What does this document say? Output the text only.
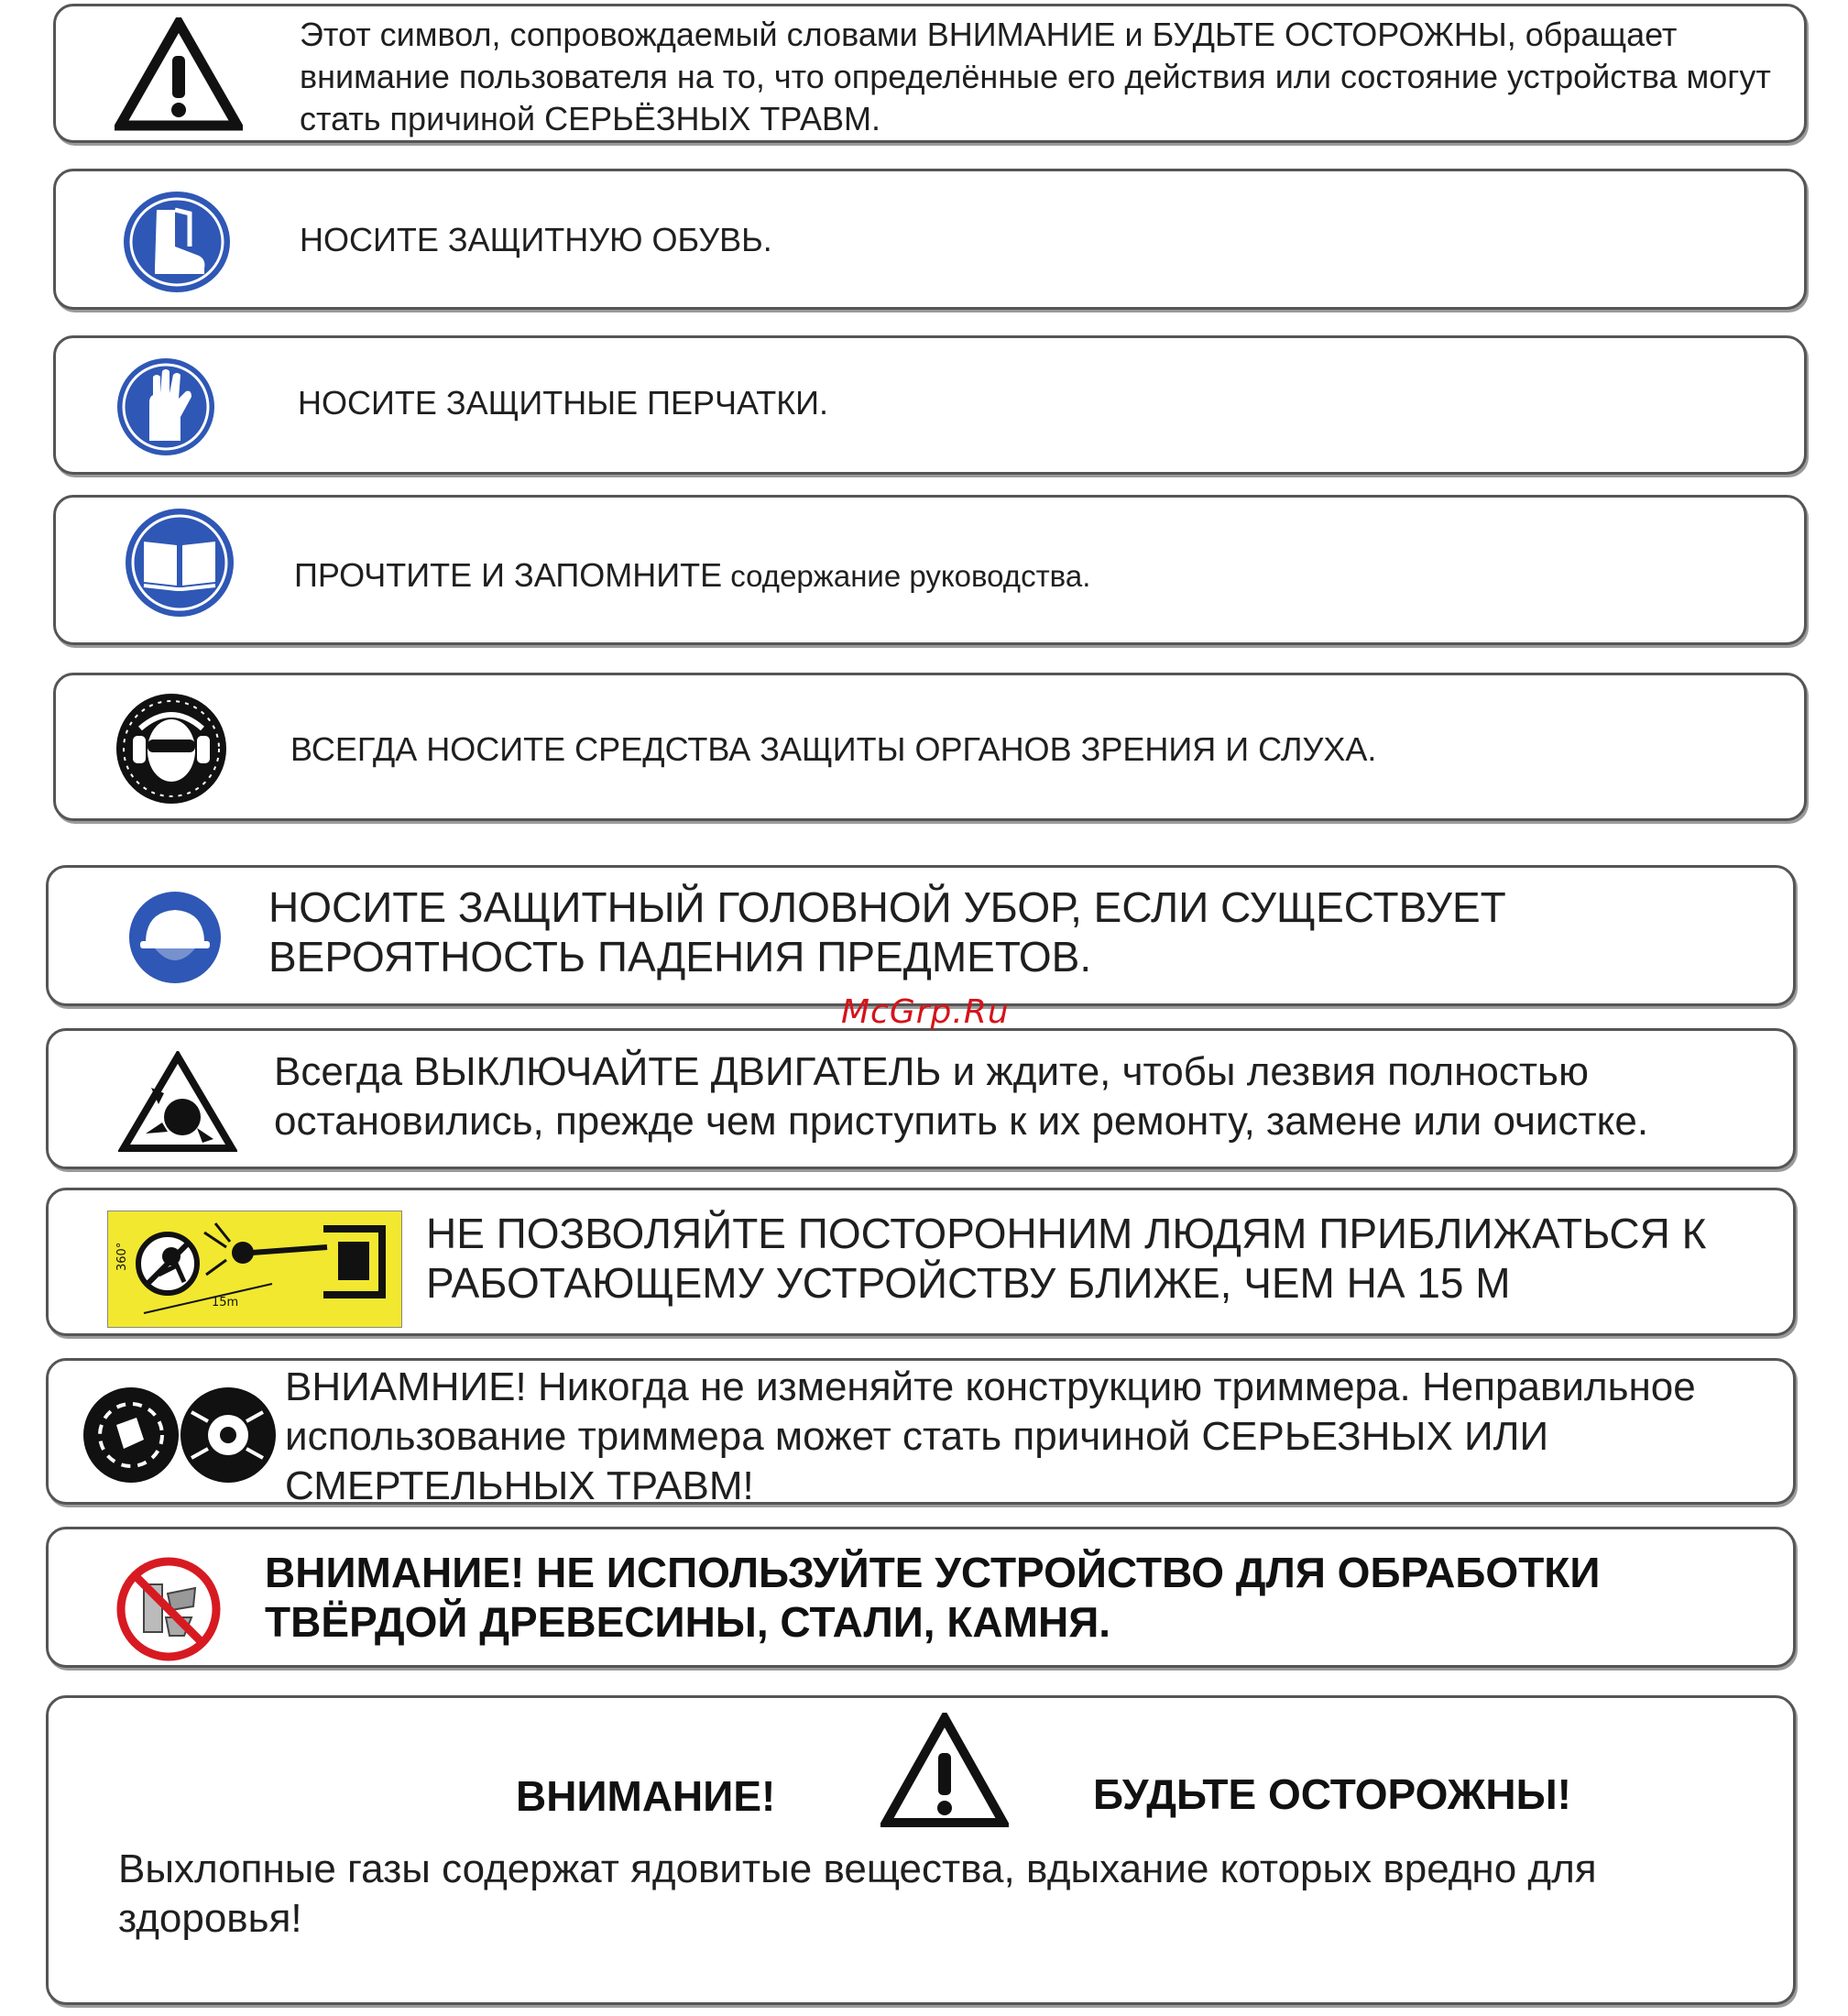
Этот символ, сопровождаемый словами ВНИМАНИЕ и БУДЬТЕ ОСТОРОЖНЫ, обращает внимание пользователя на то, что определённые его действия или состояние устройства могут стать причиной СЕРЬЁЗНЫХ ТРАВМ.
НОСИТЕ ЗАЩИТНУЮ ОБУВЬ.
НОСИТЕ ЗАЩИТНЫЕ ПЕРЧАТКИ.
ПРОЧТИТЕ И ЗАПОМНИТЕ содержание руководства.
ВСЕГДА НОСИТЕ СРЕДСТВА ЗАЩИТЫ ОРГАНОВ ЗРЕНИЯ И СЛУХА.
НОСИТЕ ЗАЩИТНЫЙ ГОЛОВНОЙ УБОР, ЕСЛИ СУЩЕСТВУЕТ
ВЕРОЯТНОСТЬ ПАДЕНИЯ ПРЕДМЕТОВ.
Всегда ВЫКЛЮЧАЙТЕ ДВИГАТЕЛЬ и ждите, чтобы лезвия полностью
остановились, прежде чем приступить к их ремонту, замене или очистке.
360°
15m
НЕ ПОЗВОЛЯЙТЕ ПОСТОРОННИМ ЛЮДЯМ ПРИБЛИЖАТЬСЯ К
РАБОТАЮЩЕМУ УСТРОЙСТВУ БЛИЖЕ, ЧЕМ НА 15 М
ВНИАМНИЕ! Никогда не изменяйте конструкцию триммера. Неправильное
использование триммера может стать причиной СЕРЬЕЗНЫХ ИЛИ
СМЕРТЕЛЬНЫХ ТРАВМ!
ВНИМАНИЕ! НЕ ИСПОЛЬЗУЙТЕ УСТРОЙСТВО ДЛЯ ОБРАБОТКИ
ТВЁРДОЙ ДРЕВЕСИНЫ, СТАЛИ, КАМНЯ.
ВНИМАНИЕ!	БУДЬТЕ ОСТОРОЖНЫ!
Выхлопные газы содержат ядовитые вещества, вдыхание которых вредно для здоровья!
McGrp.Ru
